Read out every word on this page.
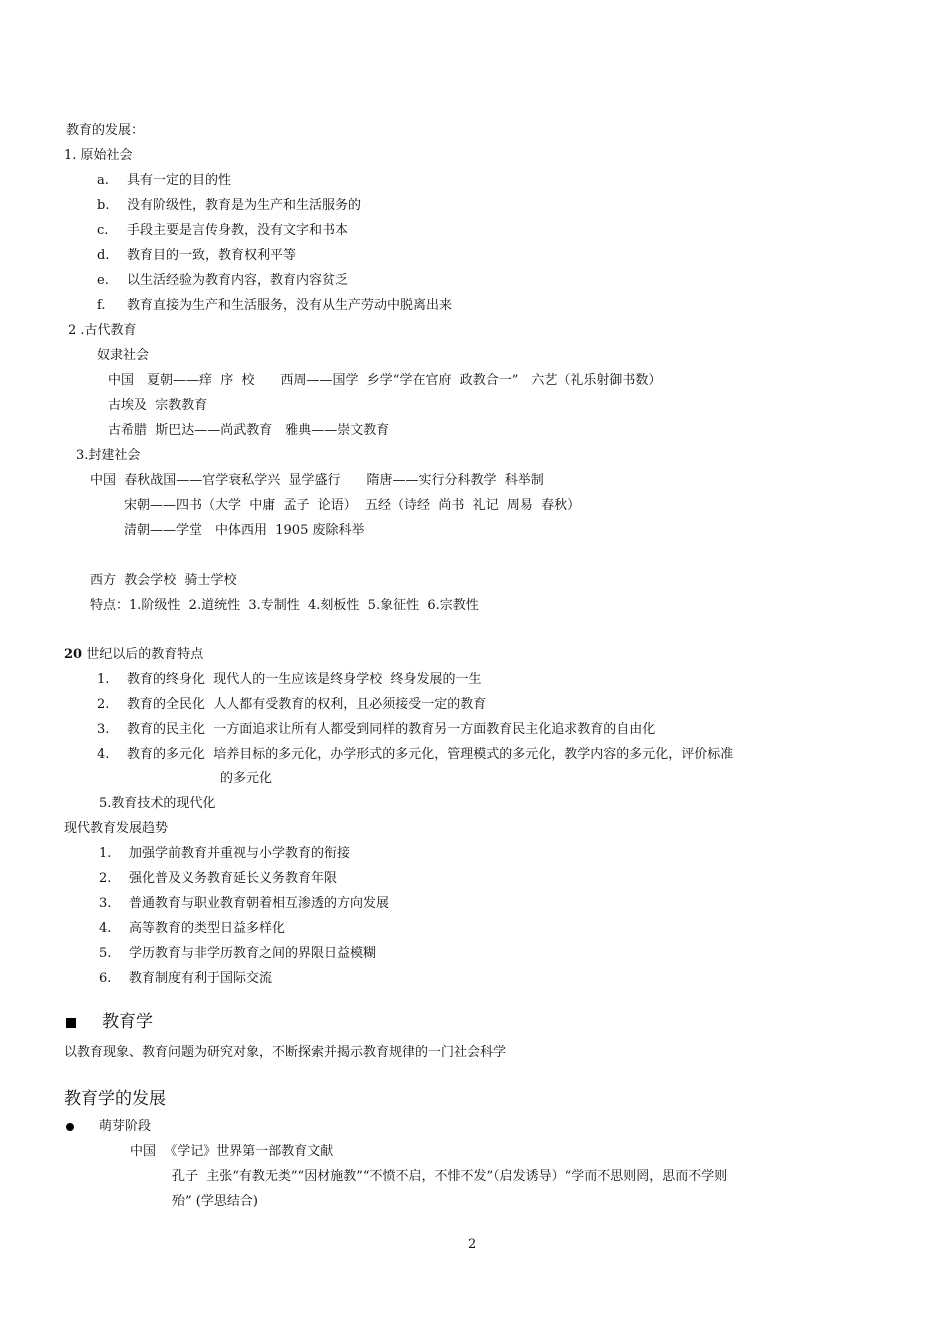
教育的发展：
1. 原始社会
a. 具有一定的目的性
b. 没有阶级性，教育是为生产和生活服务的
c. 手段主要是言传身教，没有文字和书本
d. 教育目的一致，教育权利平等
e. 以生活经验为教育内容，教育内容贫乏
f. 教育直接为生产和生活服务，没有从生产劳动中脱离出来
2 .古代教育
奴隶社会
中国　夏朝——痒  序  校　　西周——国学  乡学“学在官府  政教合一”　六艺（礼乐射御书数）
古埃及  宗教教育
古希腊  斯巴达——尚武教育　雅典——崇文教育
3.封建社会
中国  春秋战国——官学衰私学兴  显学盛行　　隋唐——实行分科教学  科举制
宋朝——四书（大学  中庸  孟子  论语）  五经（诗经  尚书  礼记  周易  春秋）
清朝——学堂　中体西用  1905 废除科举
西方  教会学校  骑士学校
特点：1.阶级性  2.道统性  3.专制性  4.刻板性  5.象征性  6.宗教性
20 世纪以后的教育特点
1. 教育的终身化  现代人的一生应该是终身学校  终身发展的一生
2. 教育的全民化  人人都有受教育的权利，且必须接受一定的教育
3. 教育的民主化  一方面追求让所有人都受到同样的教育另一方面教育民主化追求教育的自由化
4. 教育的多元化  培养目标的多元化，办学形式的多元化，管理模式的多元化，教学内容的多元化，评价标准
的多元化
5.教育技术的现代化
现代教育发展趋势
1. 加强学前教育并重视与小学教育的衔接
2. 强化普及义务教育延长义务教育年限
3. 普通教育与职业教育朝着相互渗透的方向发展
4. 高等教育的类型日益多样化
5. 学历教育与非学历教育之间的界限日益模糊
6. 教育制度有利于国际交流
教育学
以教育现象、教育问题为研究对象，不断探索并揭示教育规律的一门社会科学
教育学的发展
萌芽阶段
中国  《学记》世界第一部教育文献
孔子  主张“有教无类”“因材施教”“不愤不启，不悱不发”（启发诱导）“学而不思则罔，思而不学则
殆” (学思结合)
2
